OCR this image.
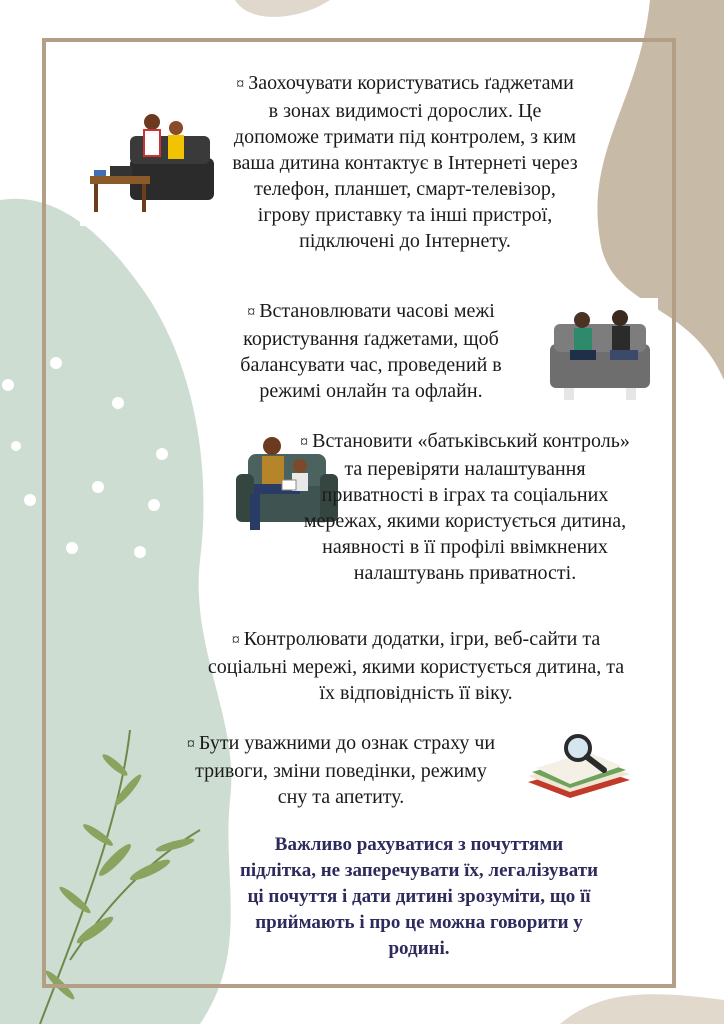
¤ Заохочувати користуватись ґаджетами в зонах видимості дорослих. Це допоможе тримати під контролем, з ким ваша дитина контактує в Інтернеті через телефон, планшет, смарт-телевізор, ігрову приставку та інші пристрої, підключені до Інтернету.
¤ Встановлювати часові межі користування ґаджетами, щоб балансувати час, проведений в режимі онлайн та офлайн.
¤ Встановити «батьківський контроль» та перевіряти налаштування приватності в іграх та соціальних мережах, якими користується дитина, наявності в її профілі ввімкнених налаштувань приватності.
¤ Контролювати додатки, ігри, веб-сайти та соціальні мережі, якими користується дитина, та їх відповідність її віку.
¤ Бути уважними до ознак страху чи тривоги, зміни поведінки, режиму сну та апетиту.
Важливо рахуватися з почуттями підлітка, не заперечувати їх, легалізувати ці почуття і дати дитині зрозуміти, що її приймають і про це можна говорити у родині.
